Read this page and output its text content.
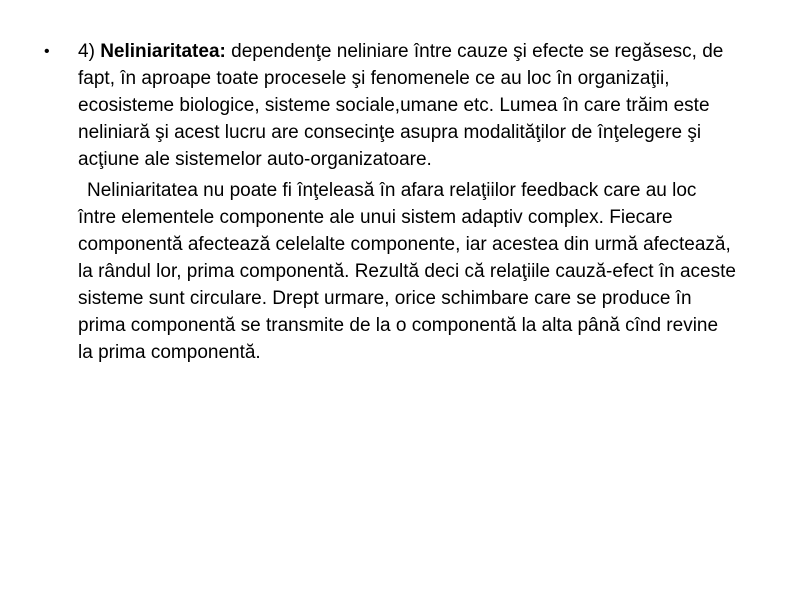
•	4) Neliniaritatea: dependenţe neliniare între cauze şi efecte se regăsesc, de fapt, în aproape toate procesele şi fenomenele ce au loc în organizaţii, ecosisteme biologice, sisteme sociale,umane etc. Lumea în care trăim este neliniară şi acest lucru are consecinţe asupra modalităţilor de înţelegere şi acţiune ale sistemelor auto-organizatoare.

Neliniaritatea nu poate fi înţeleasă în afara relaţiilor feedback care au loc între elementele componente ale unui sistem adaptiv complex. Fiecare componentă afectează celelalte componente, iar acestea din urmă afectează, la rândul lor, prima componentă. Rezultă deci că relaţiile cauză-efect în aceste sisteme sunt circulare. Drept urmare, orice schimbare care se produce în prima componentă se transmite de la o componentă la alta până cînd revine la prima componentă.
